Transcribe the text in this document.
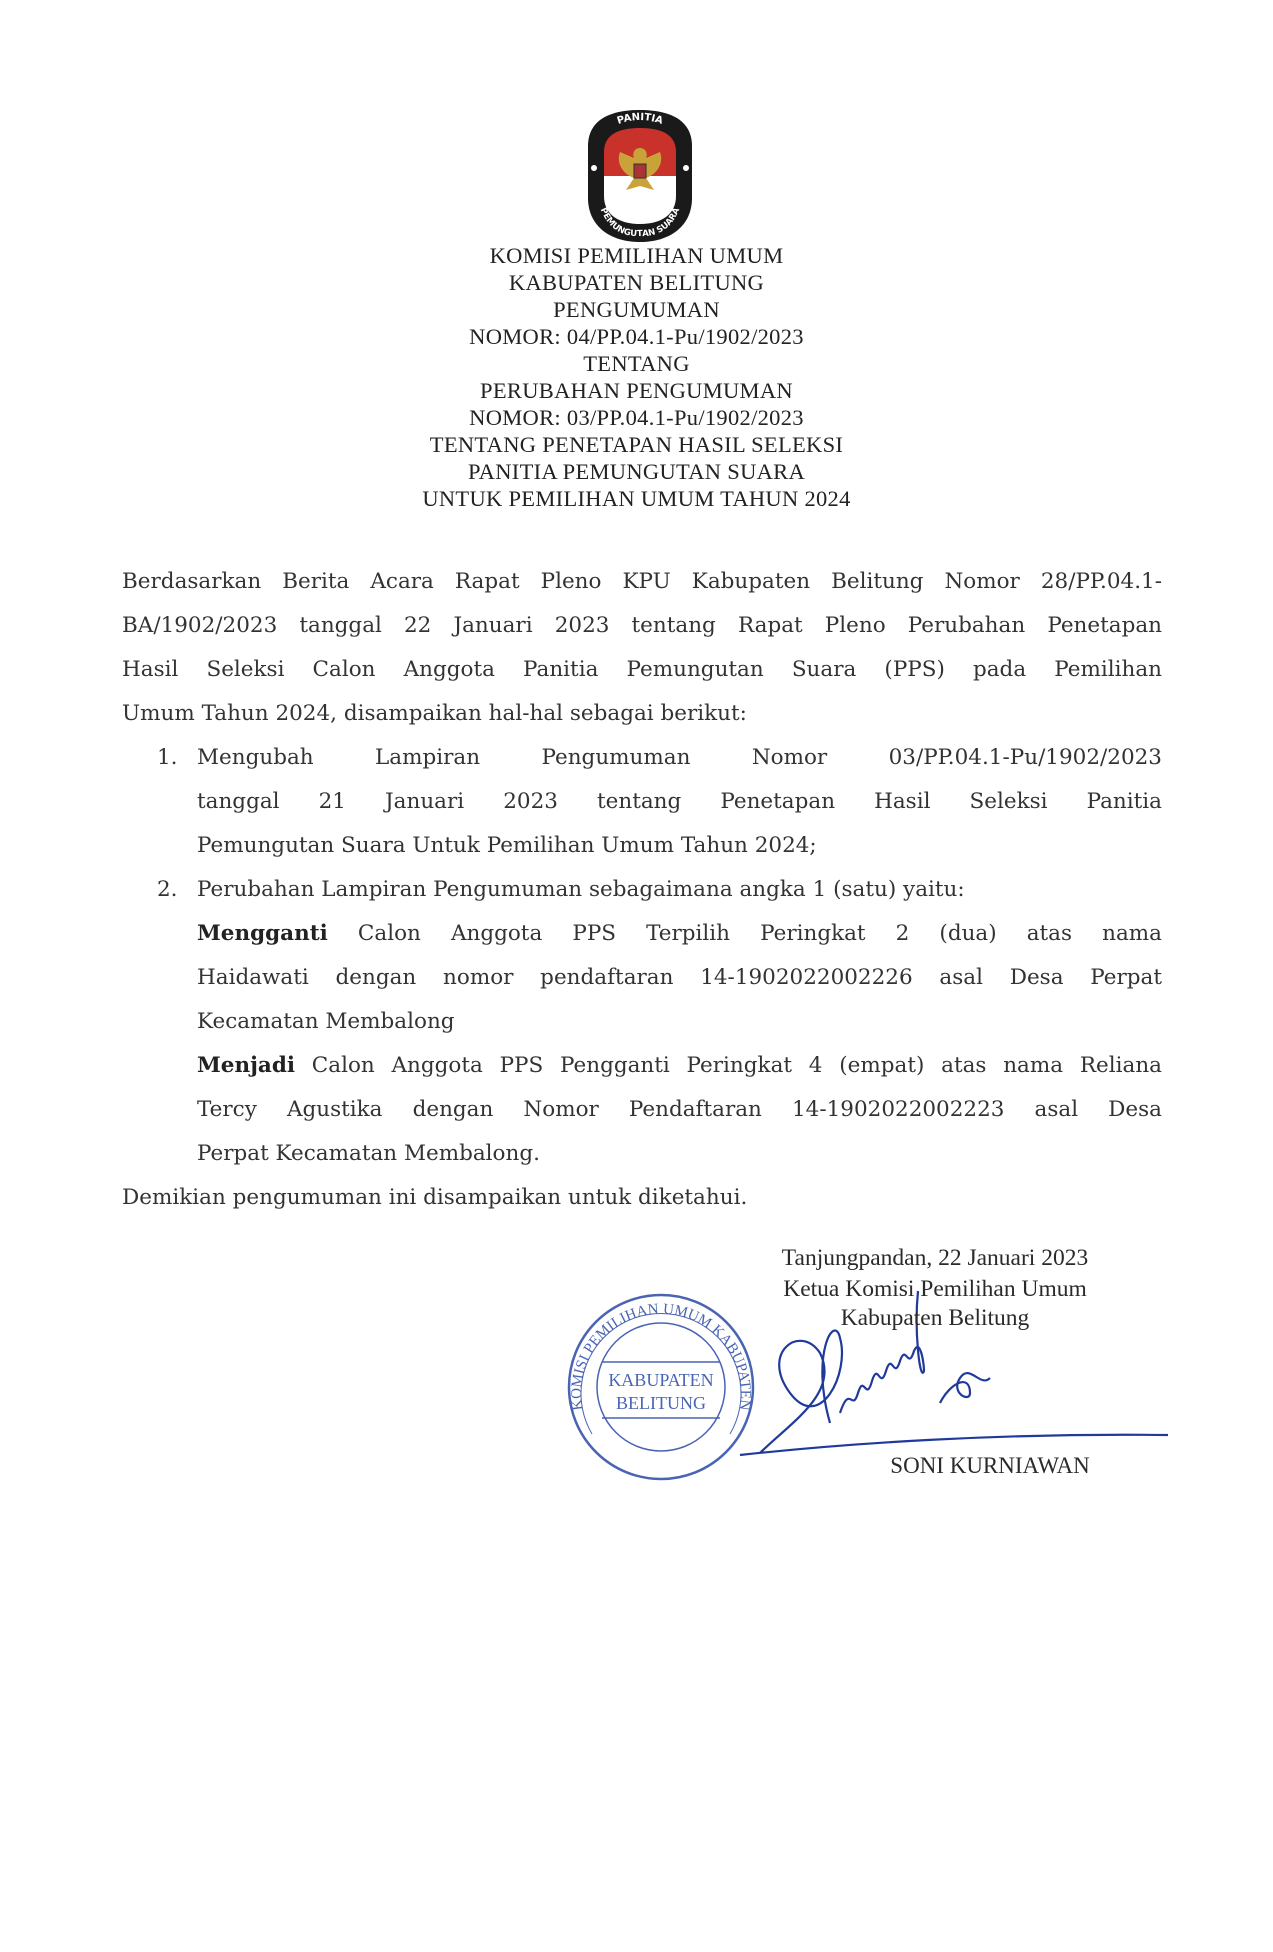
PANITIA
PEMUNGUTAN SUARA
KOMISI PEMILIHAN UMUM
KABUPATEN BELITUNG
PENGUMUMAN
NOMOR: 04/PP.04.1-Pu/1902/2023
TENTANG
PERUBAHAN PENGUMUMAN
NOMOR: 03/PP.04.1-Pu/1902/2023
TENTANG PENETAPAN HASIL SELEKSI
PANITIA PEMUNGUTAN SUARA
UNTUK PEMILIHAN UMUM TAHUN 2024
Berdasarkan Berita Acara Rapat Pleno KPU Kabupaten Belitung Nomor 28/PP.04.1-
BA/1902/2023 tanggal 22 Januari 2023 tentang Rapat Pleno Perubahan Penetapan
Hasil Seleksi Calon Anggota Panitia Pemungutan Suara (PPS) pada Pemilihan
Umum Tahun 2024, disampaikan hal-hal sebagai berikut:
1. Mengubah Lampiran Pengumuman Nomor 03/PP.04.1-Pu/1902/2023
tanggal 21 Januari 2023 tentang Penetapan Hasil Seleksi Panitia
Pemungutan Suara Untuk Pemilihan Umum Tahun 2024;
2. Perubahan Lampiran Pengumuman sebagaimana angka 1 (satu) yaitu:
Mengganti Calon Anggota PPS Terpilih Peringkat 2 (dua) atas nama
Haidawati dengan nomor pendaftaran 14-1902022002226 asal Desa Perpat
Kecamatan Membalong
Menjadi Calon Anggota PPS Pengganti Peringkat 4 (empat) atas nama Reliana
Tercy Agustika dengan Nomor Pendaftaran 14-1902022002223 asal Desa
Perpat Kecamatan Membalong.
Demikian pengumuman ini disampaikan untuk diketahui.
KOMISI PEMILIHAN UMUM KABUPATEN
KABUPATEN
BELITUNG
Tanjungpandan, 22 Januari 2023
Ketua Komisi Pemilihan Umum
Kabupaten Belitung
SONI KURNIAWAN
